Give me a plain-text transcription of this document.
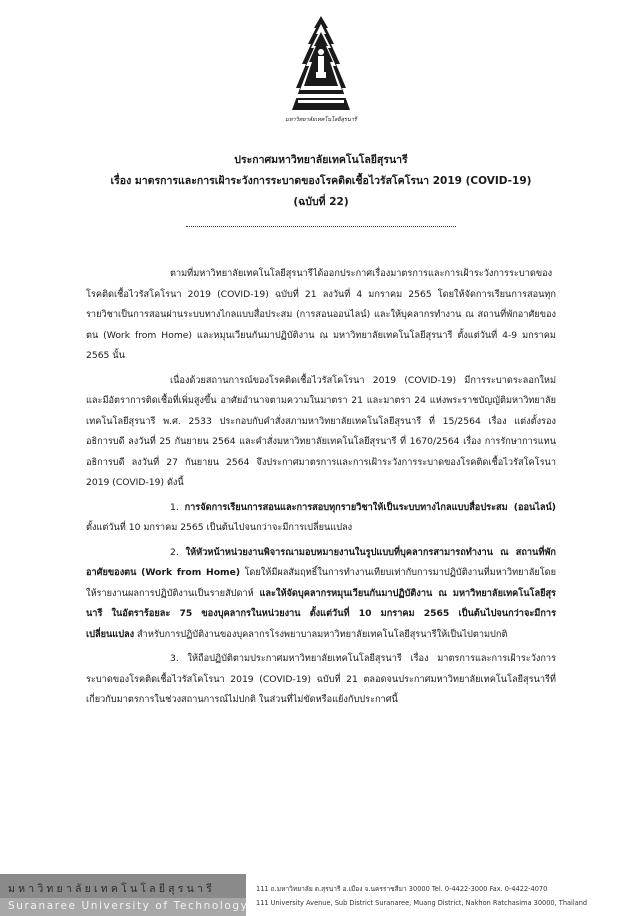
มหาวิทยาลัยเทคโนโลยีสุรนารี
ประกาศมหาวิทยาลัยเทคโนโลยีสุรนารี
เรื่อง มาตรการและการเฝ้าระวังการระบาดของโรคติดเชื้อไวรัสโคโรนา 2019 (COVID-19)
(ฉบับที่ 22)

ตามที่มหาวิทยาลัยเทคโนโลยีสุรนารีได้ออกประกาศเรื่องมาตรการและการเฝ้าระวังการระบาดของโรคติดเชื้อไวรัสโคโรนา 2019 (COVID-19) ฉบับที่ 21 ลงวันที่ 4 มกราคม 2565 โดยให้จัดการเรียนการสอนทุกรายวิชาเป็นการสอนผ่านระบบทางไกลแบบสื่อประสม (การสอนออนไลน์) และให้บุคลากรทำงาน ณ สถานที่พักอาศัยของตน (Work from Home) และหมุนเวียนกันมาปฏิบัติงาน ณ มหาวิทยาลัยเทคโนโลยีสุรนารี ตั้งแต่วันที่ 4-9 มกราคม 2565 นั้น

เนื่องด้วยสถานการณ์ของโรคติดเชื้อไวรัสโคโรนา 2019 (COVID-19) มีการระบาดระลอกใหม่และมีอัตราการติดเชื้อที่เพิ่มสูงขึ้น อาศัยอำนาจตามความในมาตรา 21 และมาตรา 24 แห่งพระราชบัญญัติมหาวิทยาลัยเทคโนโลยีสุรนารี พ.ศ. 2533 ประกอบกับคำสั่งสภามหาวิทยาลัยเทคโนโลยีสุรนารี ที่ 15/2564 เรื่อง แต่งตั้งรองอธิการบดี ลงวันที่ 25 กันยายน 2564 และคำสั่งมหาวิทยาลัยเทคโนโลยีสุรนารี ที่ 1670/2564 เรื่อง การรักษาการแทนอธิการบดี ลงวันที่ 27 กันยายน 2564 จึงประกาศมาตรการและการเฝ้าระวังการระบาดของโรคติดเชื้อไวรัสโคโรนา 2019 (COVID-19) ดังนี้

1. การจัดการเรียนการสอนและการสอบทุกรายวิชาให้เป็นระบบทางไกลแบบสื่อประสม (ออนไลน์) ตั้งแต่วันที่ 10 มกราคม 2565 เป็นต้นไปจนกว่าจะมีการเปลี่ยนแปลง

2. ให้หัวหน้าหน่วยงานพิจารณามอบหมายงานในรูปแบบที่บุคลากรสามารถทำงาน ณ สถานที่พักอาศัยของตน (Work from Home) โดยให้มีผลสัมฤทธิ์ในการทำงานเทียบเท่ากับการมาปฏิบัติงานที่มหาวิทยาลัยโดยให้รายงานผลการปฏิบัติงานเป็นรายสัปดาห์ และให้จัดบุคลากรหมุนเวียนกันมาปฏิบัติงาน ณ มหาวิทยาลัยเทคโนโลยีสุรนารี ในอัตราร้อยละ 75 ของบุคลากรในหน่วยงาน ตั้งแต่วันที่ 10 มกราคม 2565 เป็นต้นไปจนกว่าจะมีการเปลี่ยนแปลง สำหรับการปฏิบัติงานของบุคลากรโรงพยาบาลมหาวิทยาลัยเทคโนโลยีสุรนารีให้เป็นไปตามปกติ

3. ให้ถือปฏิบัติตามประกาศมหาวิทยาลัยเทคโนโลยีสุรนารี เรื่อง มาตรการและการเฝ้าระวังการระบาดของโรคติดเชื้อไวรัสโคโรนา 2019 (COVID-19) ฉบับที่ 21 ตลอดจนประกาศมหาวิทยาลัยเทคโนโลยีสุรนารีที่เกี่ยวกับมาตรการในช่วงสถานการณ์ไม่ปกติ ในส่วนที่ไม่ขัดหรือแย้งกับประกาศนี้

มหาวิทยาลัยเทคโนโลยีสุรนารี
Suranaree University of Technology
111 ถ.มหาวิทยาลัย ต.สุรนารี อ.เมือง จ.นครราชสีมา 30000 Tel. 0-4422-3000 Fax. 0-4422-4070
111 University Avenue, Sub District Suranaree, Muang District, Nakhon Ratchasima 30000, Thailand
